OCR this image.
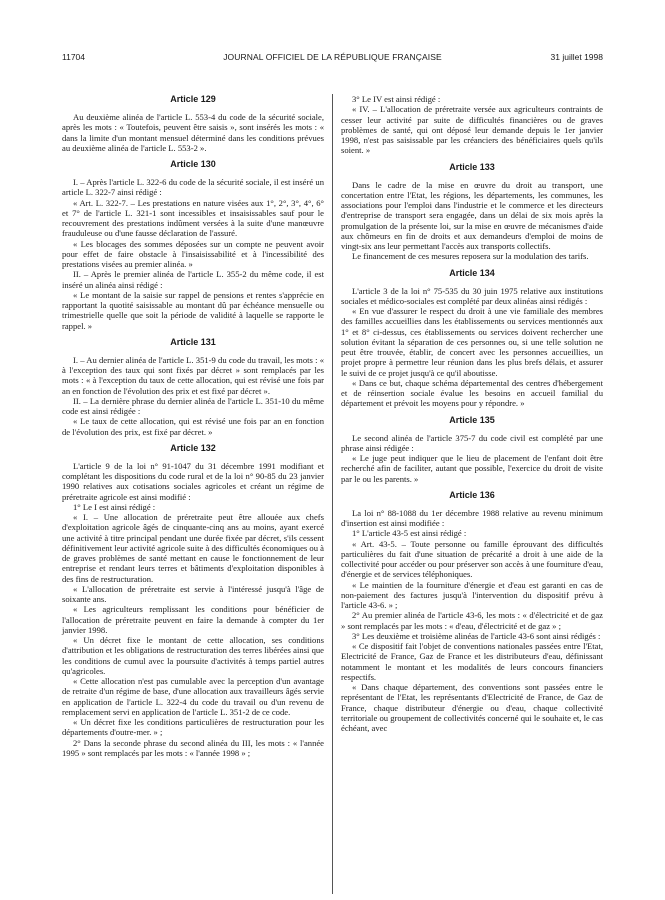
11704	JOURNAL OFFICIEL DE LA RÉPUBLIQUE FRANÇAISE	31 juillet 1998
Article 129

Au deuxième alinéa de l'article L. 553-4 du code de la sécurité sociale, après les mots : « Toutefois, peuvent être saisis », sont insérés les mots : « dans la limite d'un montant mensuel déterminé dans les conditions prévues au deuxième alinéa de l'article L. 553-2 ».

Article 130

I. – Après l'article L. 322-6 du code de la sécurité sociale, il est inséré un article L. 322-7 ainsi rédigé :

« Art. L. 322-7. – Les prestations en nature visées aux 1°, 2°, 3°, 4°, 6° et 7° de l'article L. 321-1 sont incessibles et insaisissables sauf pour le recouvrement des prestations indûment versées à la suite d'une manœuvre frauduleuse ou d'une fausse déclaration de l'assuré.

« Les blocages des sommes déposées sur un compte ne peuvent avoir pour effet de faire obstacle à l'insaisissabilité et à l'incessibilité des prestations visées au premier alinéa. »

II. – Après le premier alinéa de l'article L. 355-2 du même code, il est inséré un alinéa ainsi rédigé :

« Le montant de la saisie sur rappel de pensions et rentes s'apprécie en rapportant la quotité saisissable au montant dû par échéance mensuelle ou trimestrielle quelle que soit la période de validité à laquelle se rapporte le rappel. »

Article 131

I. – Au dernier alinéa de l'article L. 351-9 du code du travail, les mots : « à l'exception des taux qui sont fixés par décret » sont remplacés par les mots : « à l'exception du taux de cette allocation, qui est révisé une fois par an en fonction de l'évolution des prix et est fixé par décret ».

II. – La dernière phrase du dernier alinéa de l'article L. 351-10 du même code est ainsi rédigée :

« Le taux de cette allocation, qui est révisé une fois par an en fonction de l'évolution des prix, est fixé par décret. »

Article 132

L'article 9 de la loi n° 91-1047 du 31 décembre 1991 modifiant et complétant les dispositions du code rural et de la loi n° 90-85 du 23 janvier 1990 relatives aux cotisations sociales agricoles et créant un régime de préretraite agricole est ainsi modifié :

1° Le I est ainsi rédigé :

« I. – Une allocation de préretraite peut être allouée aux chefs d'exploitation agricole âgés de cinquante-cinq ans au moins, ayant exercé une activité à titre principal pendant une durée fixée par décret, s'ils cessent définitivement leur activité agricole suite à des difficultés économiques ou à de graves problèmes de santé mettant en cause le fonctionnement de leur entreprise et rendant leurs terres et bâtiments d'exploitation disponibles à des fins de restructuration.

« L'allocation de préretraite est servie à l'intéressé jusqu'à l'âge de soixante ans.

« Les agriculteurs remplissant les conditions pour bénéficier de l'allocation de préretraite peuvent en faire la demande à compter du 1er janvier 1998.

« Un décret fixe le montant de cette allocation, ses conditions d'attribution et les obligations de restructuration des terres libérées ainsi que les conditions de cumul avec la poursuite d'activités à temps partiel autres qu'agricoles.

« Cette allocation n'est pas cumulable avec la perception d'un avantage de retraite d'un régime de base, d'une allocation aux travailleurs âgés servie en application de l'article L. 322-4 du code du travail ou d'un revenu de remplacement servi en application de l'article L. 351-2 de ce code.

« Un décret fixe les conditions particulières de restructuration pour les départements d'outre-mer. » ;

2° Dans la seconde phrase du second alinéa du III, les mots : « l'année 1995 » sont remplacés par les mots : « l'année 1998 » ;

3° Le IV est ainsi rédigé :

« IV. – L'allocation de préretraite versée aux agriculteurs contraints de cesser leur activité par suite de difficultés financières ou de graves problèmes de santé, qui ont déposé leur demande depuis le 1er janvier 1998, n'est pas saisissable par les créanciers des bénéficiaires quels qu'ils soient. »

Article 133

Dans le cadre de la mise en œuvre du droit au transport, une concertation entre l'Etat, les régions, les départements, les communes, les associations pour l'emploi dans l'industrie et le commerce et les directeurs d'entreprise de transport sera engagée, dans un délai de six mois après la promulgation de la présente loi, sur la mise en œuvre de mécanismes d'aide aux chômeurs en fin de droits et aux demandeurs d'emploi de moins de vingt-six ans leur permettant l'accès aux transports collectifs.

Le financement de ces mesures reposera sur la modulation des tarifs.

Article 134

L'article 3 de la loi n° 75-535 du 30 juin 1975 relative aux institutions sociales et médico-sociales est complété par deux alinéas ainsi rédigés :

« En vue d'assurer le respect du droit à une vie familiale des membres des familles accueillies dans les établissements ou services mentionnés aux 1° et 8° ci-dessus, ces établissements ou services doivent rechercher une solution évitant la séparation de ces personnes ou, si une telle solution ne peut être trouvée, établir, de concert avec les personnes accueillies, un projet propre à permettre leur réunion dans les plus brefs délais, et assurer le suivi de ce projet jusqu'à ce qu'il aboutisse.

« Dans ce but, chaque schéma départemental des centres d'hébergement et de réinsertion sociale évalue les besoins en accueil familial du département et prévoit les moyens pour y répondre. »

Article 135

Le second alinéa de l'article 375-7 du code civil est complété par une phrase ainsi rédigée :

« Le juge peut indiquer que le lieu de placement de l'enfant doit être recherché afin de faciliter, autant que possible, l'exercice du droit de visite par le ou les parents. »

Article 136

La loi n° 88-1088 du 1er décembre 1988 relative au revenu minimum d'insertion est ainsi modifiée :

1° L'article 43-5 est ainsi rédigé :

« Art. 43-5. – Toute personne ou famille éprouvant des difficultés particulières du fait d'une situation de précarité a droit à une aide de la collectivité pour accéder ou pour préserver son accès à une fourniture d'eau, d'énergie et de services téléphoniques.

« Le maintien de la fourniture d'énergie et d'eau est garanti en cas de non-paiement des factures jusqu'à l'intervention du dispositif prévu à l'article 43-6. » ;

2° Au premier alinéa de l'article 43-6, les mots : « d'électricité et de gaz » sont remplacés par les mots : « d'eau, d'électricité et de gaz » ;

3° Les deuxième et troisième alinéas de l'article 43-6 sont ainsi rédigés :

« Ce dispositif fait l'objet de conventions nationales passées entre l'Etat, Electricité de France, Gaz de France et les distributeurs d'eau, définissant notamment le montant et les modalités de leurs concours financiers respectifs.

« Dans chaque département, des conventions sont passées entre le représentant de l'Etat, les représentants d'Electricité de France, de Gaz de France, chaque distributeur d'énergie ou d'eau, chaque collectivité territoriale ou groupement de collectivités concerné qui le souhaite et, le cas échéant, avec
